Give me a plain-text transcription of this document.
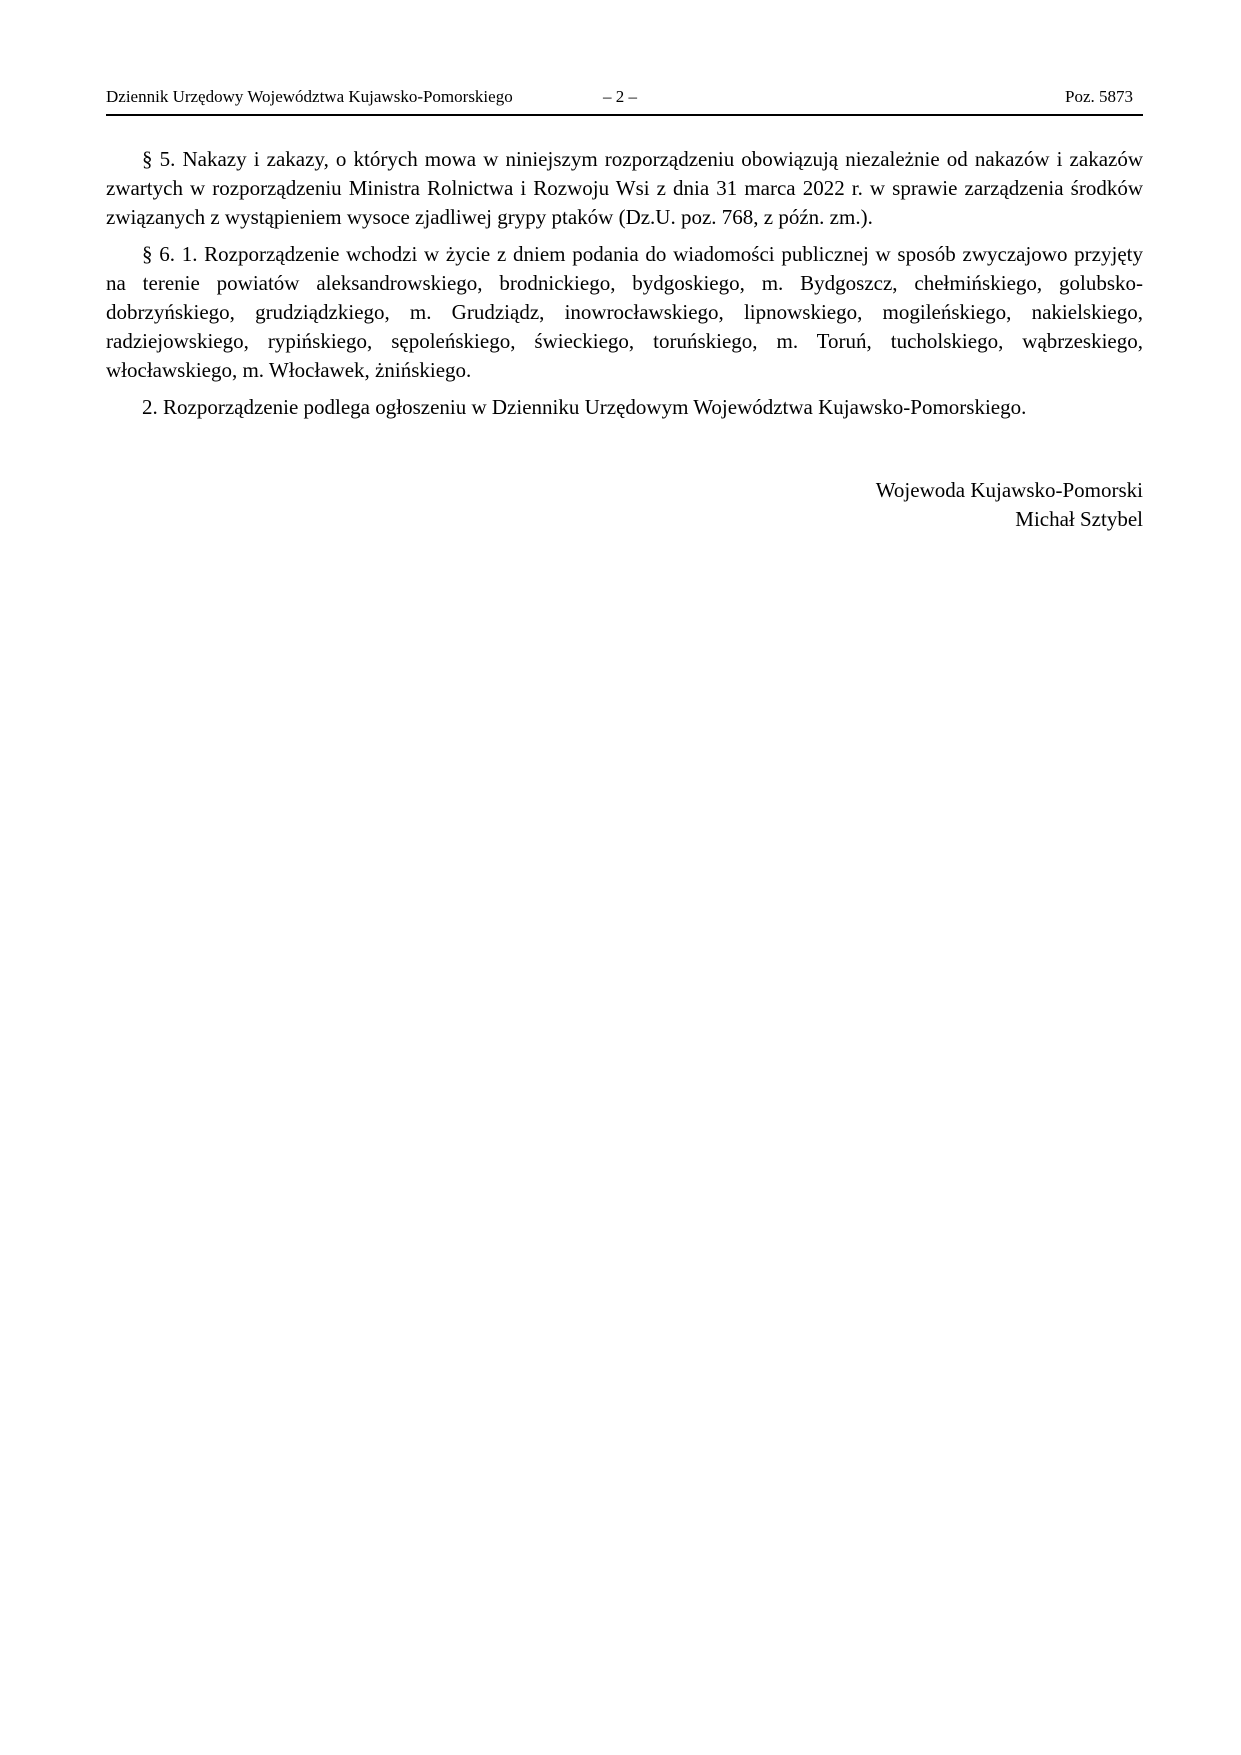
Dziennik Urzędowy Województwa Kujawsko-Pomorskiego	– 2 –	Poz. 5873

§ 5. Nakazy i zakazy, o których mowa w niniejszym rozporządzeniu obowiązują niezależnie od nakazów i zakazów zwartych w rozporządzeniu Ministra Rolnictwa i Rozwoju Wsi z dnia 31 marca 2022 r. w sprawie zarządzenia środków związanych z wystąpieniem wysoce zjadliwej grypy ptaków (Dz.U. poz. 768, z późn. zm.).

§ 6. 1. Rozporządzenie wchodzi w życie z dniem podania do wiadomości publicznej w sposób zwyczajowo przyjęty na terenie powiatów aleksandrowskiego, brodnickiego, bydgoskiego, m. Bydgoszcz, chełmińskiego, golubsko-dobrzyńskiego, grudziądzkiego, m. Grudziądz, inowrocławskiego, lipnowskiego, mogileńskiego, nakielskiego, radziejowskiego, rypińskiego, sępoleńskiego, świeckiego, toruńskiego, m. Toruń, tucholskiego, wąbrzeskiego, włocławskiego, m. Włocławek, żnińskiego.

2. Rozporządzenie podlega ogłoszeniu w Dzienniku Urzędowym Województwa Kujawsko-Pomorskiego.

Wojewoda Kujawsko-Pomorski
Michał Sztybel
